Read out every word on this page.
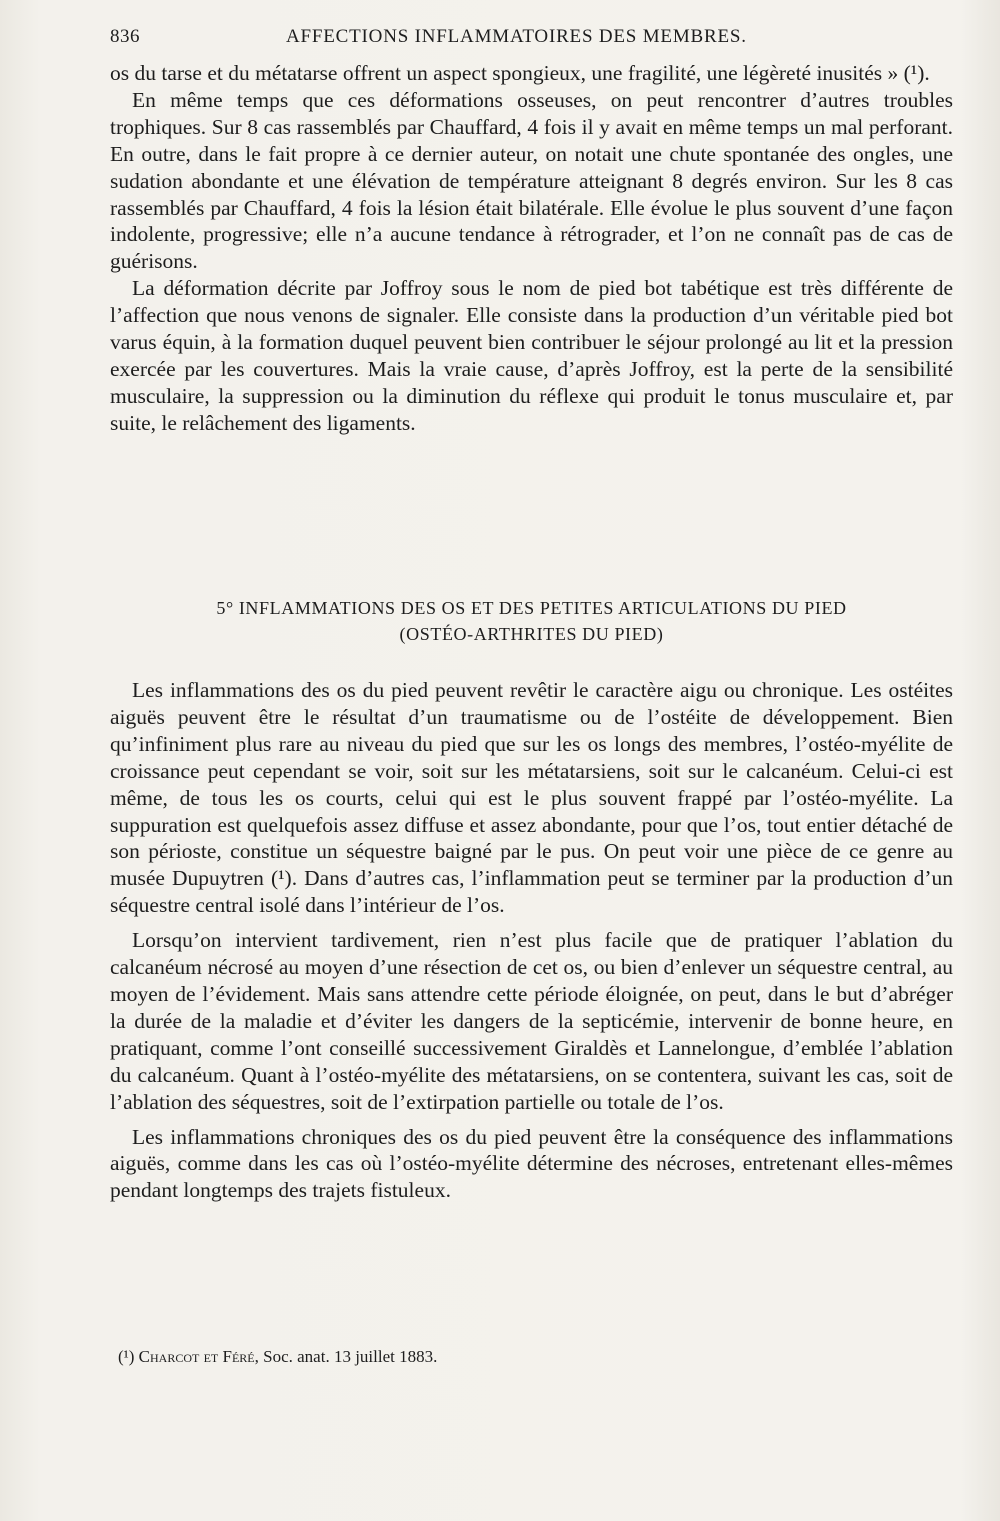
836	AFFECTIONS INFLAMMATOIRES DES MEMBRES.

os du tarse et du métatarse offrent un aspect spongieux, une fragilité, une légèreté inusités » (¹).

En même temps que ces déformations osseuses, on peut rencontrer d’autres troubles trophiques. Sur 8 cas rassemblés par Chauffard, 4 fois il y avait en même temps un mal perforant. En outre, dans le fait propre à ce dernier auteur, on notait une chute spontanée des ongles, une sudation abondante et une élévation de température atteignant 8 degrés environ. Sur les 8 cas rassemblés par Chauffard, 4 fois la lésion était bilatérale. Elle évolue le plus souvent d’une façon indolente, progressive; elle n’a aucune tendance à rétrograder, et l’on ne connaît pas de cas de guérisons.

La déformation décrite par Joffroy sous le nom de pied bot tabétique est très différente de l’affection que nous venons de signaler. Elle consiste dans la production d’un véritable pied bot varus équin, à la formation duquel peuvent bien contribuer le séjour prolongé au lit et la pression exercée par les couvertures. Mais la vraie cause, d’après Joffroy, est la perte de la sensibilité musculaire, la suppression ou la diminution du réflexe qui produit le tonus musculaire et, par suite, le relâchement des ligaments.

5° INFLAMMATIONS DES OS ET DES PETITES ARTICULATIONS DU PIED
(OSTÉO-ARTHRITES DU PIED)

Les inflammations des os du pied peuvent revêtir le caractère aigu ou chronique. Les ostéites aiguës peuvent être le résultat d’un traumatisme ou de l’ostéite de développement. Bien qu’infiniment plus rare au niveau du pied que sur les os longs des membres, l’ostéo-myélite de croissance peut cependant se voir, soit sur les métatarsiens, soit sur le calcanéum. Celui-ci est même, de tous les os courts, celui qui est le plus souvent frappé par l’ostéo-myélite. La suppuration est quelquefois assez diffuse et assez abondante, pour que l’os, tout entier détaché de son périoste, constitue un séquestre baigné par le pus. On peut voir une pièce de ce genre au musée Dupuytren (¹). Dans d’autres cas, l’inflammation peut se terminer par la production d’un séquestre central isolé dans l’intérieur de l’os.

Lorsqu’on intervient tardivement, rien n’est plus facile que de pratiquer l’ablation du calcanéum nécrosé au moyen d’une résection de cet os, ou bien d’enlever un séquestre central, au moyen de l’évidement. Mais sans attendre cette période éloignée, on peut, dans le but d’abréger la durée de la maladie et d’éviter les dangers de la septicémie, intervenir de bonne heure, en pratiquant, comme l’ont conseillé successivement Giraldès et Lannelongue, d’emblée l’ablation du calcanéum. Quant à l’ostéo-myélite des métatarsiens, on se contentera, suivant les cas, soit de l’ablation des séquestres, soit de l’extirpation partielle ou totale de l’os.

Les inflammations chroniques des os du pied peuvent être la conséquence des inflammations aiguës, comme dans les cas où l’ostéo-myélite détermine des nécroses, entretenant elles-mêmes pendant longtemps des trajets fistuleux.

(¹) Charcot et Féré, Soc. anat. 13 juillet 1883.
